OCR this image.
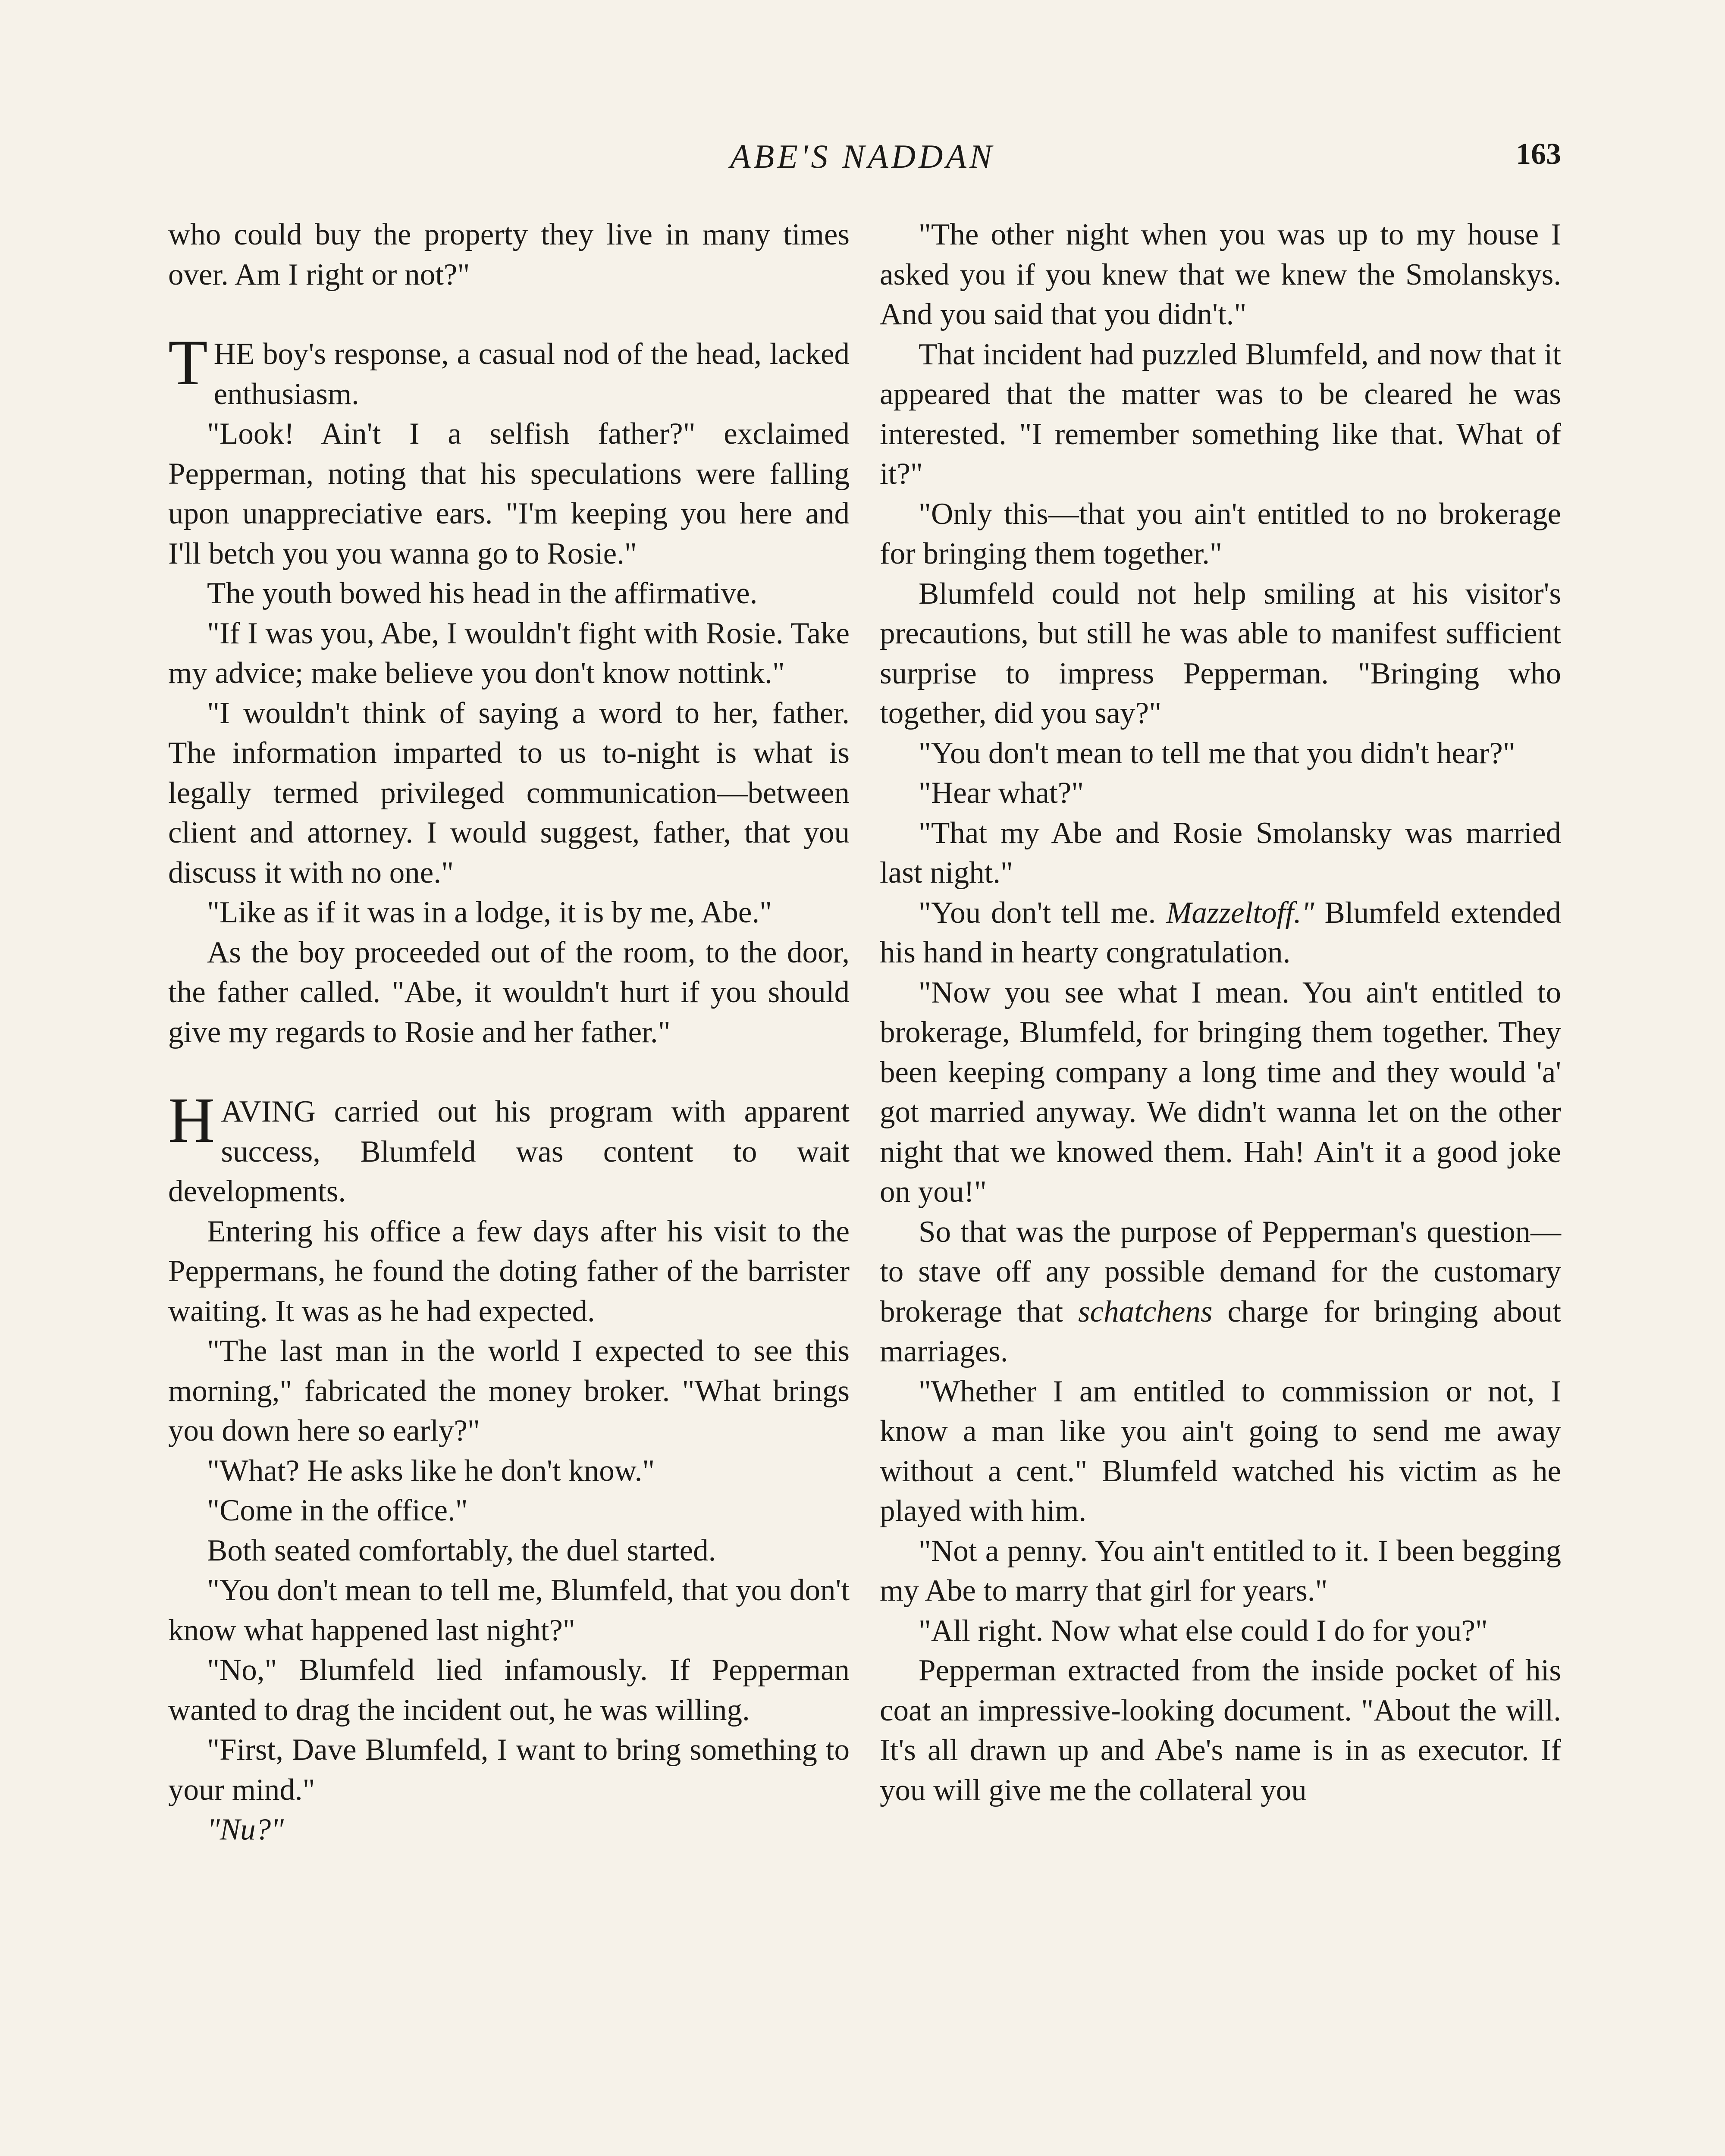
ABE'S NADDAN	163

who could buy the property they live in many times over. Am I right or not?"

THE boy's response, a casual nod of the head, lacked enthusiasm.

"Look! Ain't I a selfish father?" exclaimed Pepperman, noting that his speculations were falling upon unappreciative ears. "I'm keeping you here and I'll betch you you wanna go to Rosie."

The youth bowed his head in the affirmative.

"If I was you, Abe, I wouldn't fight with Rosie. Take my advice; make believe you don't know nottink."

"I wouldn't think of saying a word to her, father. The information imparted to us to-night is what is legally termed privileged communication—between client and attorney. I would suggest, father, that you discuss it with no one."

"Like as if it was in a lodge, it is by me, Abe."

As the boy proceeded out of the room, to the door, the father called. "Abe, it wouldn't hurt if you should give my regards to Rosie and her father."

HAVING carried out his program with apparent success, Blumfeld was content to wait developments.

Entering his office a few days after his visit to the Peppermans, he found the doting father of the barrister waiting. It was as he had expected.

"The last man in the world I expected to see this morning," fabricated the money broker. "What brings you down here so early?"

"What? He asks like he don't know."

"Come in the office."

Both seated comfortably, the duel started.

"You don't mean to tell me, Blumfeld, that you don't know what happened last night?"

"No," Blumfeld lied infamously. If Pepperman wanted to drag the incident out, he was willing.

"First, Dave Blumfeld, I want to bring something to your mind."

"Nu?"

"The other night when you was up to my house I asked you if you knew that we knew the Smolanskys. And you said that you didn't."

That incident had puzzled Blumfeld, and now that it appeared that the matter was to be cleared he was interested. "I remember something like that. What of it?"

"Only this—that you ain't entitled to no brokerage for bringing them together."

Blumfeld could not help smiling at his visitor's precautions, but still he was able to manifest sufficient surprise to impress Pepperman. "Bringing who together, did you say?"

"You don't mean to tell me that you didn't hear?"

"Hear what?"

"That my Abe and Rosie Smolansky was married last night."

"You don't tell me. Mazzeltoff." Blumfeld extended his hand in hearty congratulation.

"Now you see what I mean. You ain't entitled to brokerage, Blumfeld, for bringing them together. They been keeping company a long time and they would 'a' got married anyway. We didn't wanna let on the other night that we knowed them. Hah! Ain't it a good joke on you!"

So that was the purpose of Pepperman's question—to stave off any possible demand for the customary brokerage that schatchens charge for bringing about marriages.

"Whether I am entitled to commission or not, I know a man like you ain't going to send me away without a cent." Blumfeld watched his victim as he played with him.

"Not a penny. You ain't entitled to it. I been begging my Abe to marry that girl for years."

"All right. Now what else could I do for you?"

Pepperman extracted from the inside pocket of his coat an impressive-looking document. "About the will. It's all drawn up and Abe's name is in as executor. If you will give me the collateral you
